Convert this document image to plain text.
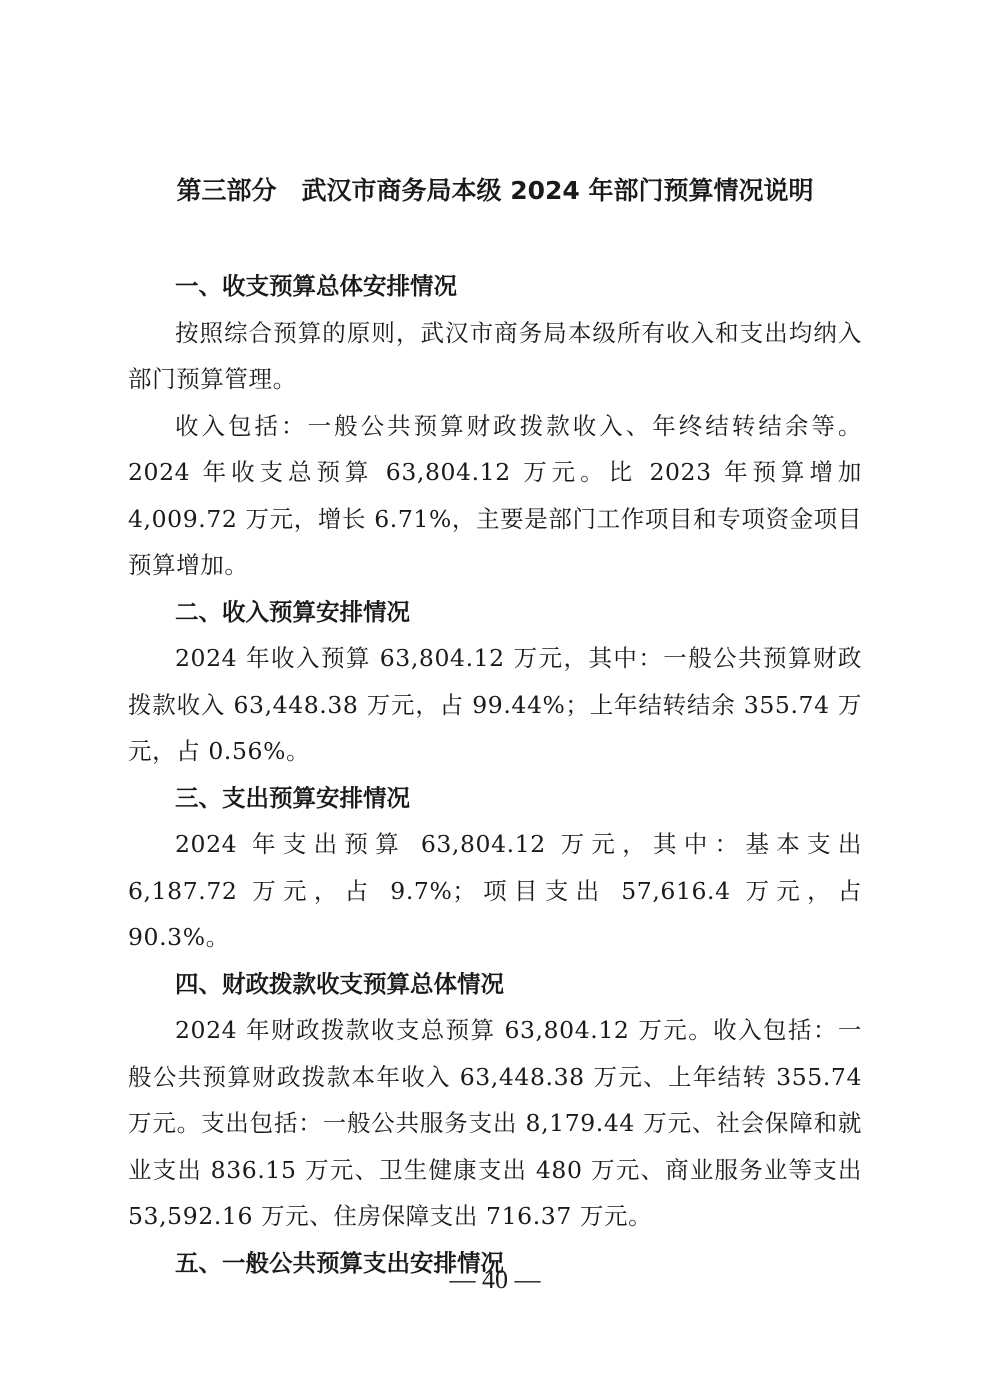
第三部分　武汉市商务局本级 2024 年部门预算情况说明
一、收支预算总体安排情况

按照综合预算的原则，武汉市商务局本级所有收入和支出均纳入部门预算管理。

收入包括：一般公共预算财政拨款收入、年终结转结余等。2024 年收支总预算 63,804.12 万元。比 2023 年预算增加 4,009.72 万元，增长 6.71%，主要是部门工作项目和专项资金项目预算增加。

二、收入预算安排情况

2024 年收入预算 63,804.12 万元，其中：一般公共预算财政拨款收入 63,448.38 万元，占 99.44%；上年结转结余 355.74 万元，占 0.56%。

三、支出预算安排情况

2024 年支出预算 63,804.12 万元，其中：基本支出 6,187.72 万元，占 9.7%；项目支出 57,616.4 万元，占 90.3%。

四、财政拨款收支预算总体情况

2024 年财政拨款收支总预算 63,804.12 万元。收入包括：一般公共预算财政拨款本年收入 63,448.38 万元、上年结转 355.74 万元。支出包括：一般公共服务支出 8,179.44 万元、社会保障和就业支出 836.15 万元、卫生健康支出 480 万元、商业服务业等支出 53,592.16 万元、住房保障支出 716.37 万元。

五、一般公共预算支出安排情况
— 40 —
